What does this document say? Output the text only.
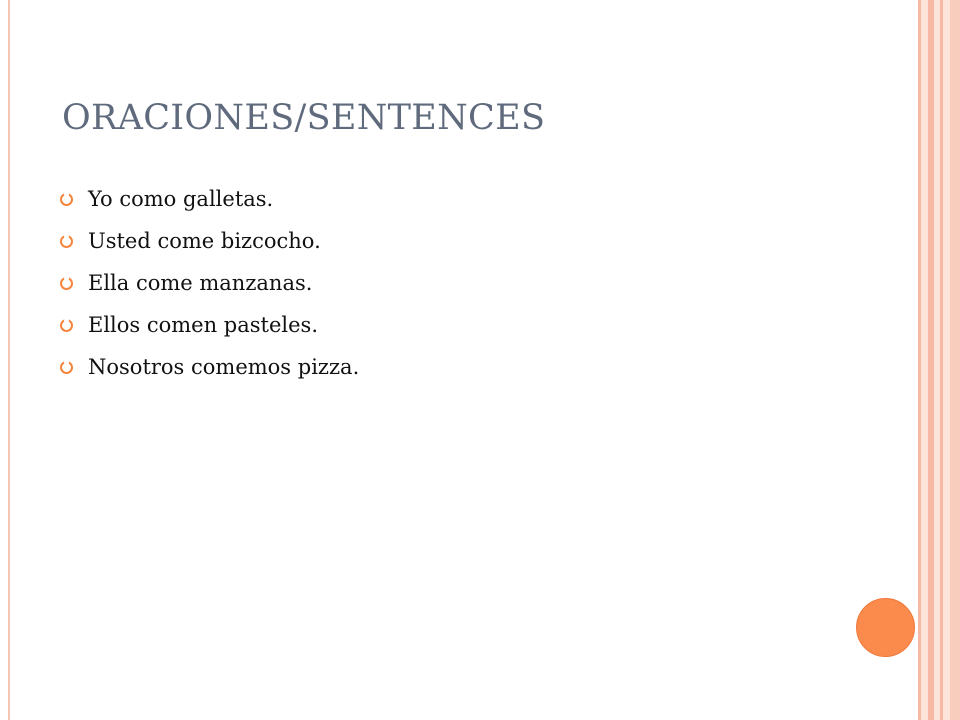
ORACIONES/SENTENCES
Yo como galletas.
Usted come bizcocho.
Ella come manzanas.
Ellos comen pasteles.
Nosotros comemos pizza.
